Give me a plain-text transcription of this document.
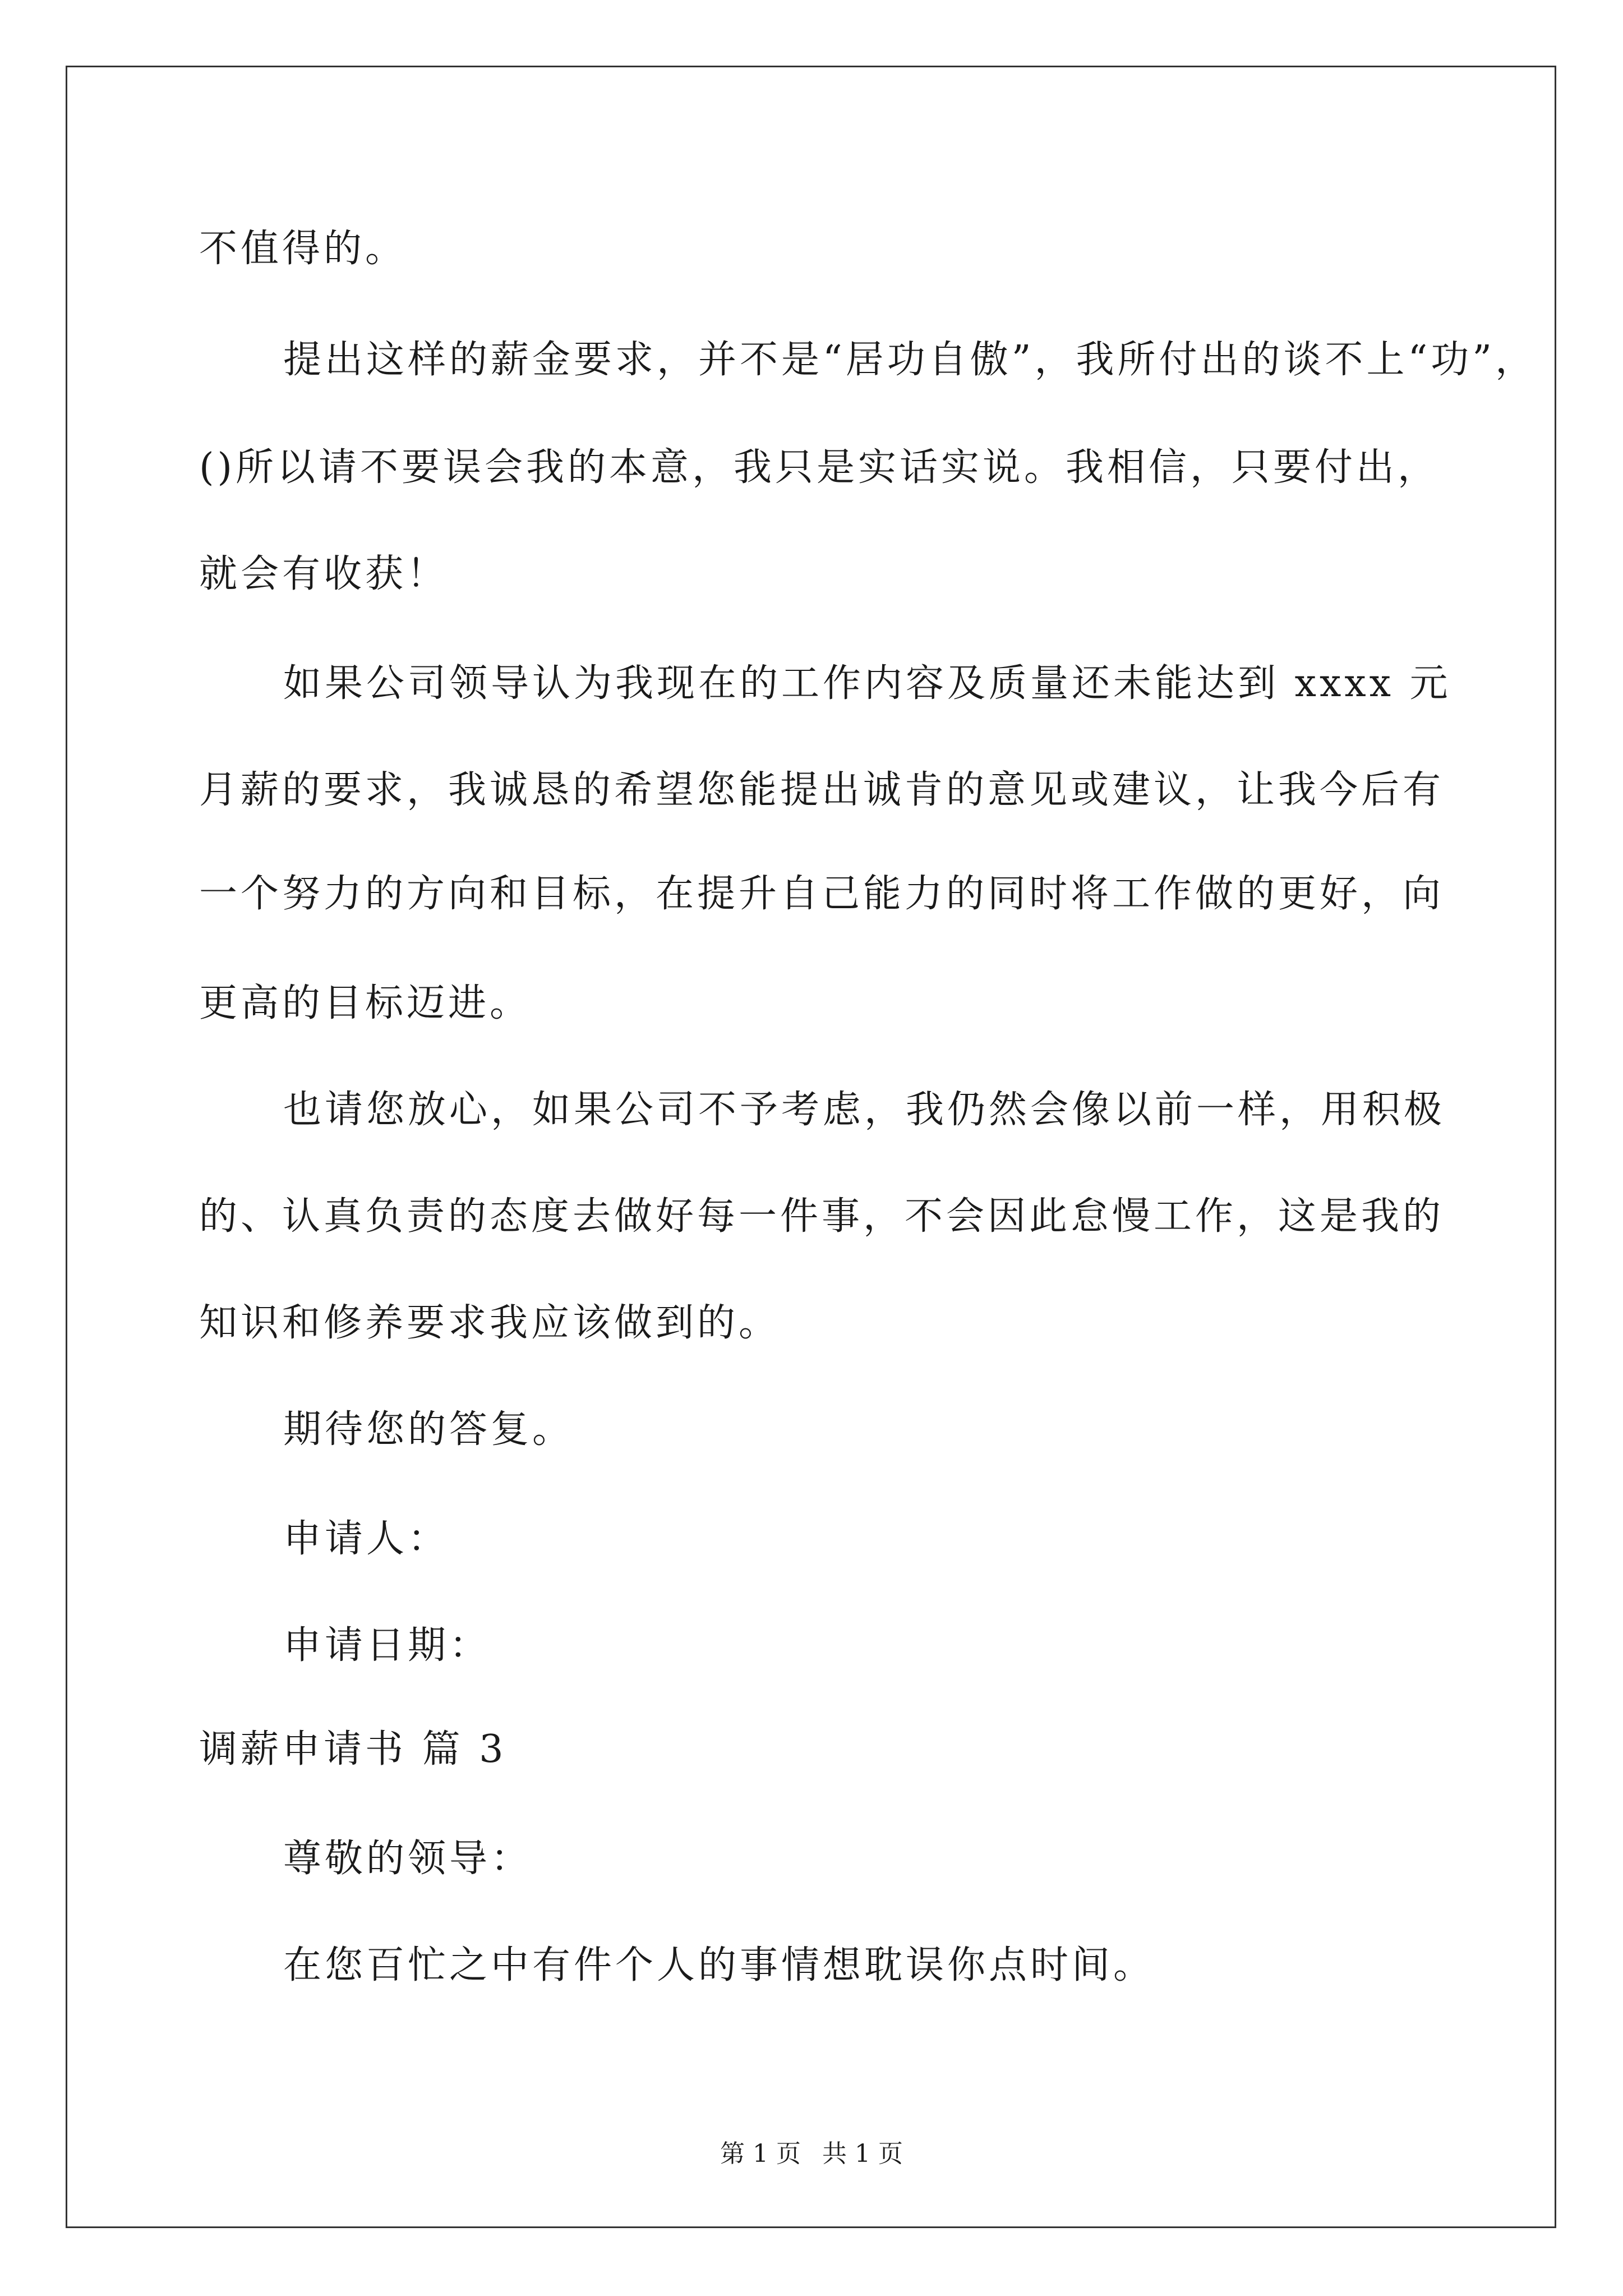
不值得的。
提出这样的薪金要求，并不是“居功自傲”，我所付出的谈不上“功”，
()所以请不要误会我的本意，我只是实话实说。我相信，只要付出，
就会有收获！
如果公司领导认为我现在的工作内容及质量还未能达到 xxxx 元
月薪的要求，我诚恳的希望您能提出诚肯的意见或建议，让我今后有
一个努力的方向和目标，在提升自己能力的同时将工作做的更好，向
更高的目标迈进。
也请您放心，如果公司不予考虑，我仍然会像以前一样，用积极
的、认真负责的态度去做好每一件事，不会因此怠慢工作，这是我的
知识和修养要求我应该做到的。
期待您的答复。
申请人：
申请日期：
调薪申请书 篇 3
尊敬的领导：
在您百忙之中有件个人的事情想耽误你点时间。
第 1 页 共 1 页
